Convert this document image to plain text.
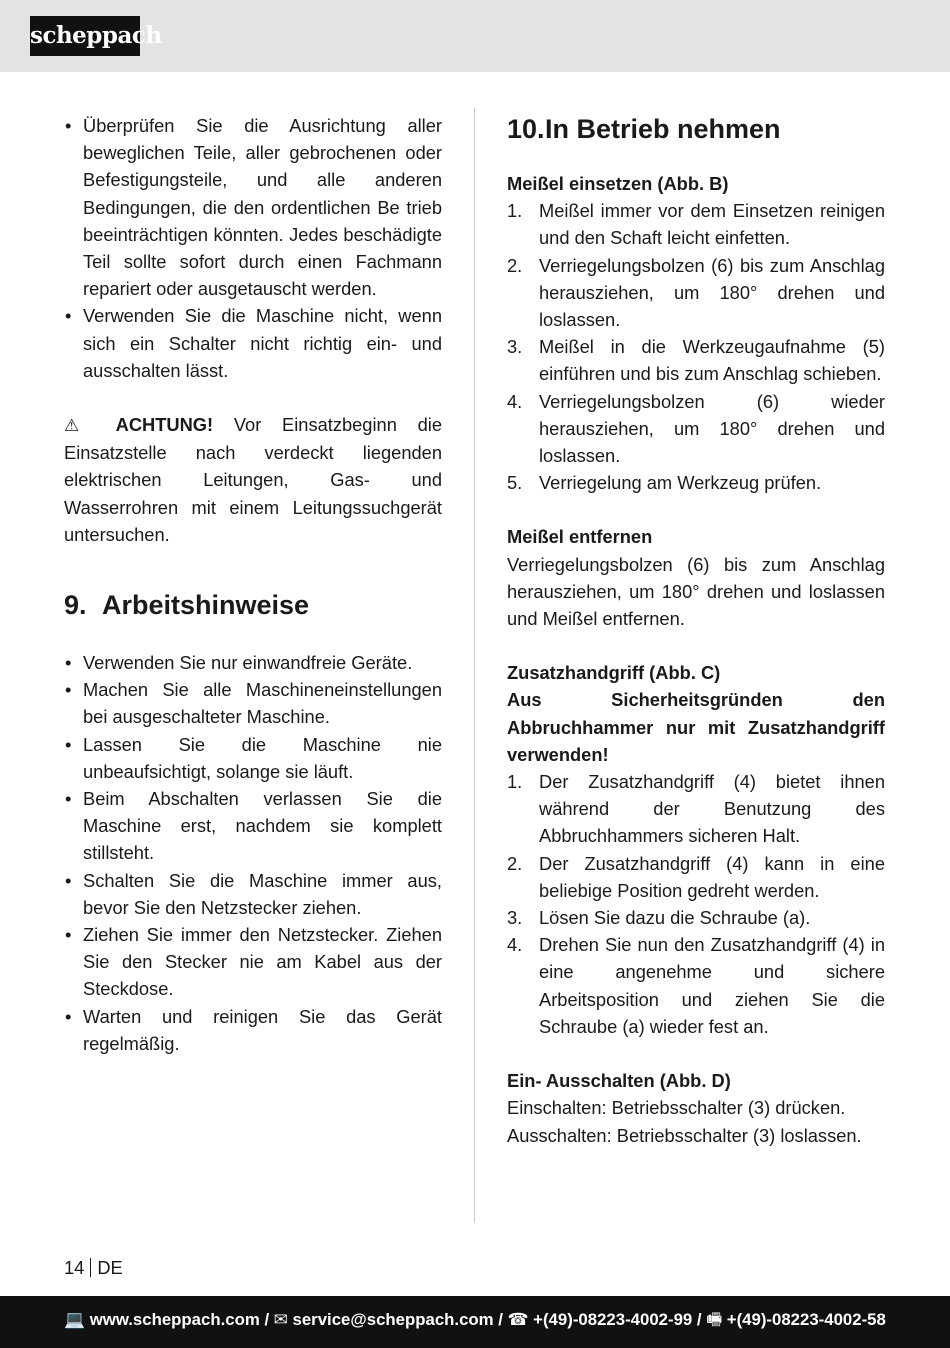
scheppach
• Überprüfen Sie die Ausrichtung aller beweglichen Teile, aller gebrochenen oder Befestigungsteile, und alle anderen Bedingungen, die den ordentlichen Be trieb beeinträchtigen könnten. Jedes beschädigte Teil sollte sofort durch einen Fachmann repariert oder ausgetauscht werden.
• Verwenden Sie die Maschine nicht, wenn sich ein Schalter nicht richtig ein- und ausschalten lässt.

⚠ ACHTUNG! Vor Einsatzbeginn die Einsatzstelle nach verdeckt liegenden elektrischen Leitungen, Gas- und Wasserrohren mit einem Leitungssuchgerät untersuchen.

9. Arbeitshinweise
• Verwenden Sie nur einwandfreie Geräte.
• Machen Sie alle Maschineneinstellungen bei ausgeschalteter Maschine.
• Lassen Sie die Maschine nie unbeaufsichtigt, solange sie läuft.
• Beim Abschalten verlassen Sie die Maschine erst, nachdem sie komplett stillsteht.
• Schalten Sie die Maschine immer aus, bevor Sie den Netzstecker ziehen.
• Ziehen Sie immer den Netzstecker. Ziehen Sie den Stecker nie am Kabel aus der Steckdose.
• Warten und reinigen Sie das Gerät regelmäßig.
10.In Betrieb nehmen
Meißel einsetzen (Abb. B)
1. Meißel immer vor dem Einsetzen reinigen und den Schaft leicht einfetten.
2. Verriegelungsbolzen (6) bis zum Anschlag herausziehen, um 180° drehen und loslassen.
3. Meißel in die Werkzeugaufnahme (5) einführen und bis zum Anschlag schieben.
4. Verriegelungsbolzen (6) wieder herausziehen, um 180° drehen und loslassen.
5. Verriegelung am Werkzeug prüfen.
Meißel entfernen

Verriegelungsbolzen (6) bis zum Anschlag herausziehen, um 180° drehen und loslassen und Meißel entfernen.

Zusatzhandgriff (Abb. C)

Aus Sicherheitsgründen den Abbruchhammer nur mit Zusatzhandgriff verwenden!

1. Der Zusatzhandgriff (4) bietet ihnen während der Benutzung des Abbruchhammers sicheren Halt.
2. Der Zusatzhandgriff (4) kann in eine beliebige Position gedreht werden.
3. Lösen Sie dazu die Schraube (a).
4. Drehen Sie nun den Zusatzhandgriff (4) in eine angenehme und sichere Arbeitsposition und ziehen Sie die Schraube (a) wieder fest an.
Ein- Ausschalten (Abb. D)

Einschalten: Betriebsschalter (3) drücken.

Ausschalten: Betriebsschalter (3) loslassen.

14 DE
💻 www.scheppach.com / ✉ service@scheppach.com / ☎ +(49)-08223-4002-99 / 🖷 +(49)-08223-4002-58
